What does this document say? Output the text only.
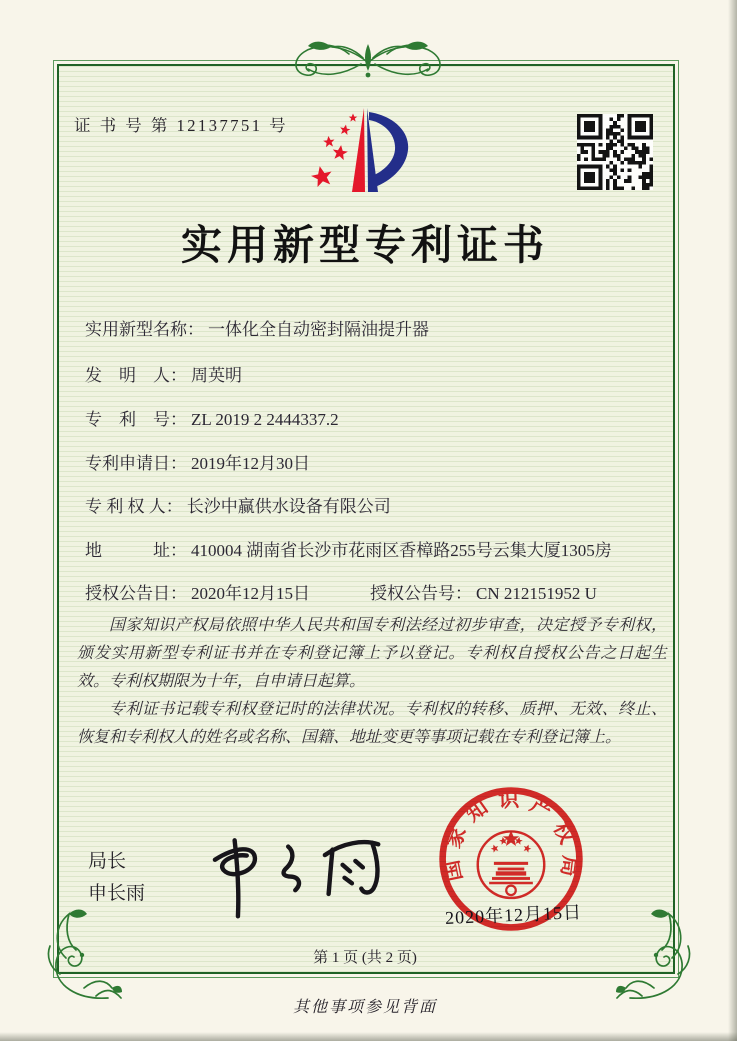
证 书 号 第 12137751 号
实用新型专利证书
实用新型名称： 一体化全自动密封隔油提升器
发　明　人： 周英明
专　利　号： ZL 2019 2 2444337.2
专利申请日： 2019年12月30日
专 利 权 人： 长沙中赢供水设备有限公司
地　　　址： 410004 湖南省长沙市花雨区香樟路255号云集大厦1305房
授权公告日： 2020年12月15日	授权公告号： CN 212151952 U

国家知识产权局依照中华人民共和国专利法经过初步审查，决定授予专利权，颁发实用新型专利证书并在专利登记簿上予以登记。专利权自授权公告之日起生效。专利权期限为十年，自申请日起算。

专利证书记载专利权登记时的法律状况。专利权的转移、质押、无效、终止、恢复和专利权人的姓名或名称、国籍、地址变更等事项记载在专利登记簿上。

局长
申长雨
国家知识产权局
2020年12月15日
第 1 页 (共 2 页)
其他事项参见背面
